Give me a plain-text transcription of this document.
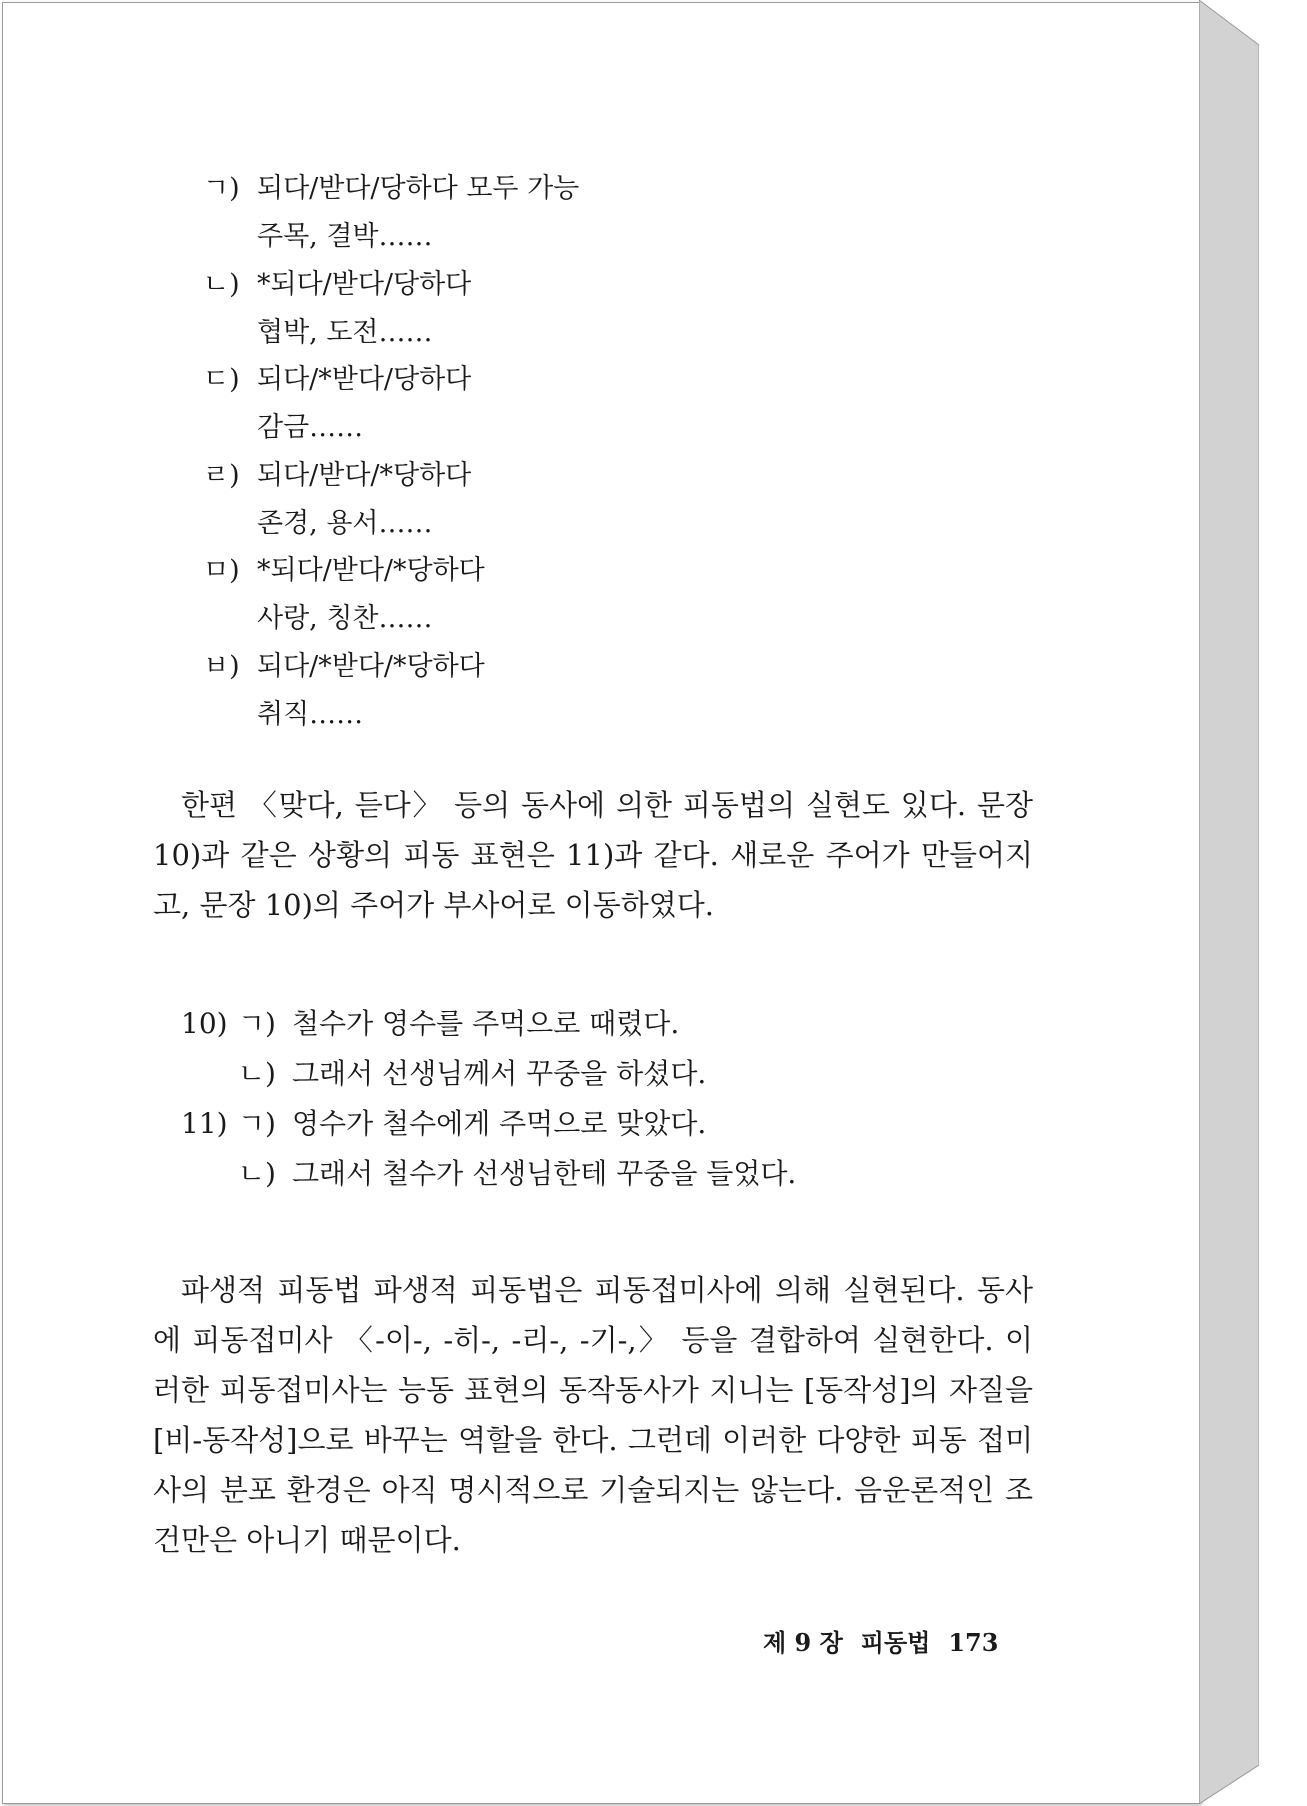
ㄱ) 되다/받다/당하다 모두 가능
주목, 결박……
ㄴ) *되다/받다/당하다
협박, 도전……
ㄷ) 되다/*받다/당하다
감금……
ㄹ) 되다/받다/*당하다
존경, 용서……
ㅁ) *되다/받다/*당하다
사랑, 칭찬……
ㅂ) 되다/*받다/*당하다
취직……
한편 〈맞다, 듣다〉 등의 동사에 의한 피동법의 실현도 있다. 문장 10)과 같은 상황의 피동 표현은 11)과 같다. 새로운 주어가 만들어지고, 문장 10)의 주어가 부사어로 이동하였다.
10) ㄱ) 철수가 영수를 주먹으로 때렸다.
ㄴ) 그래서 선생님께서 꾸중을 하셨다.
11) ㄱ) 영수가 철수에게 주먹으로 맞았다.
ㄴ) 그래서 철수가 선생님한테 꾸중을 들었다.
파생적 피동법 파생적 피동법은 피동접미사에 의해 실현된다. 동사에 피동접미사 〈-이-, -히-, -리-, -기-,〉 등을 결합하여 실현한다. 이러한 피동접미사는 능동 표현의 동작동사가 지니는 [동작성]의 자질을 [비-동작성]으로 바꾸는 역할을 한다. 그런데 이러한 다양한 피동 접미사의 분포 환경은 아직 명시적으로 기술되지는 않는다. 음운론적인 조건만은 아니기 때문이다.
제 9 장 피동법 173
